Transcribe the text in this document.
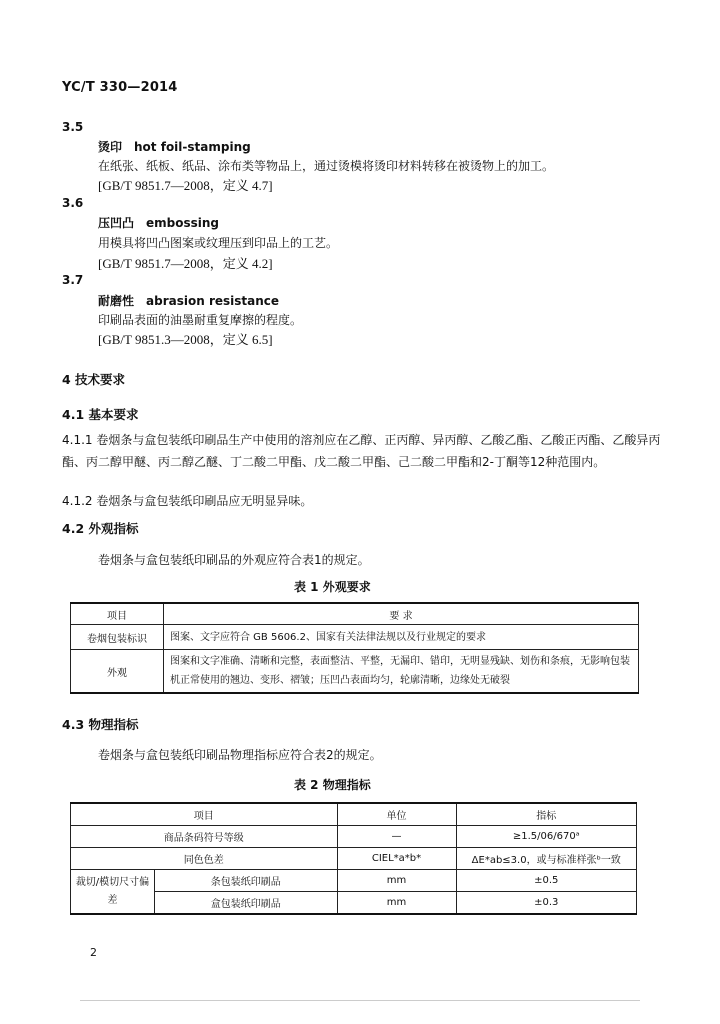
YC/T 330—2014
3.5
烫印 hot foil-stamping
在纸张、纸板、纸品、涂布类等物品上，通过烫模将烫印材料转移在被烫物上的加工。
[GB/T 9851.7—2008，定义 4.7]
3.6
压凹凸 embossing
用模具将凹凸图案或纹理压到印品上的工艺。
[GB/T 9851.7—2008，定义 4.2]
3.7
耐磨性 abrasion resistance
印刷品表面的油墨耐重复摩擦的程度。
[GB/T 9851.3—2008，定义 6.5]
4 技术要求
4.1 基本要求
4.1.1 卷烟条与盒包装纸印刷品生产中使用的溶剂应在乙醇、正丙醇、异丙醇、乙酸乙酯、乙酸正丙酯、乙酸异丙酯、丙二醇甲醚、丙二醇乙醚、丁二酸二甲酯、戊二酸二甲酯、己二酸二甲酯和2-丁酮等12种范围内。
4.1.2 卷烟条与盒包装纸印刷品应无明显异味。
4.2 外观指标
卷烟条与盒包装纸印刷品的外观应符合表1的规定。
表 1 外观要求
项目	要 求
卷烟包装标识	图案、文字应符合 GB 5606.2、国家有关法律法规以及行业规定的要求
外观	图案和文字准确、清晰和完整，表面整洁、平整，无漏印、错印，无明显残缺、划伤和条痕，无影响包装机正常使用的翘边、变形、褶皱；压凹凸表面均匀，轮廓清晰，边缘处无破裂
4.3 物理指标
卷烟条与盒包装纸印刷品物理指标应符合表2的规定。
表 2 物理指标
项目		单位	指标
商品条码符号等级		—	≥1.5/06/670ᵃ
同色色差		CIEL*a*b*	ΔE*ab≤3.0，或与标准样张ᵇ一致
裁切/模切尺寸偏差	条包装纸印刷品	mm	±0.5
	盒包装纸印刷品	mm	±0.3
2
